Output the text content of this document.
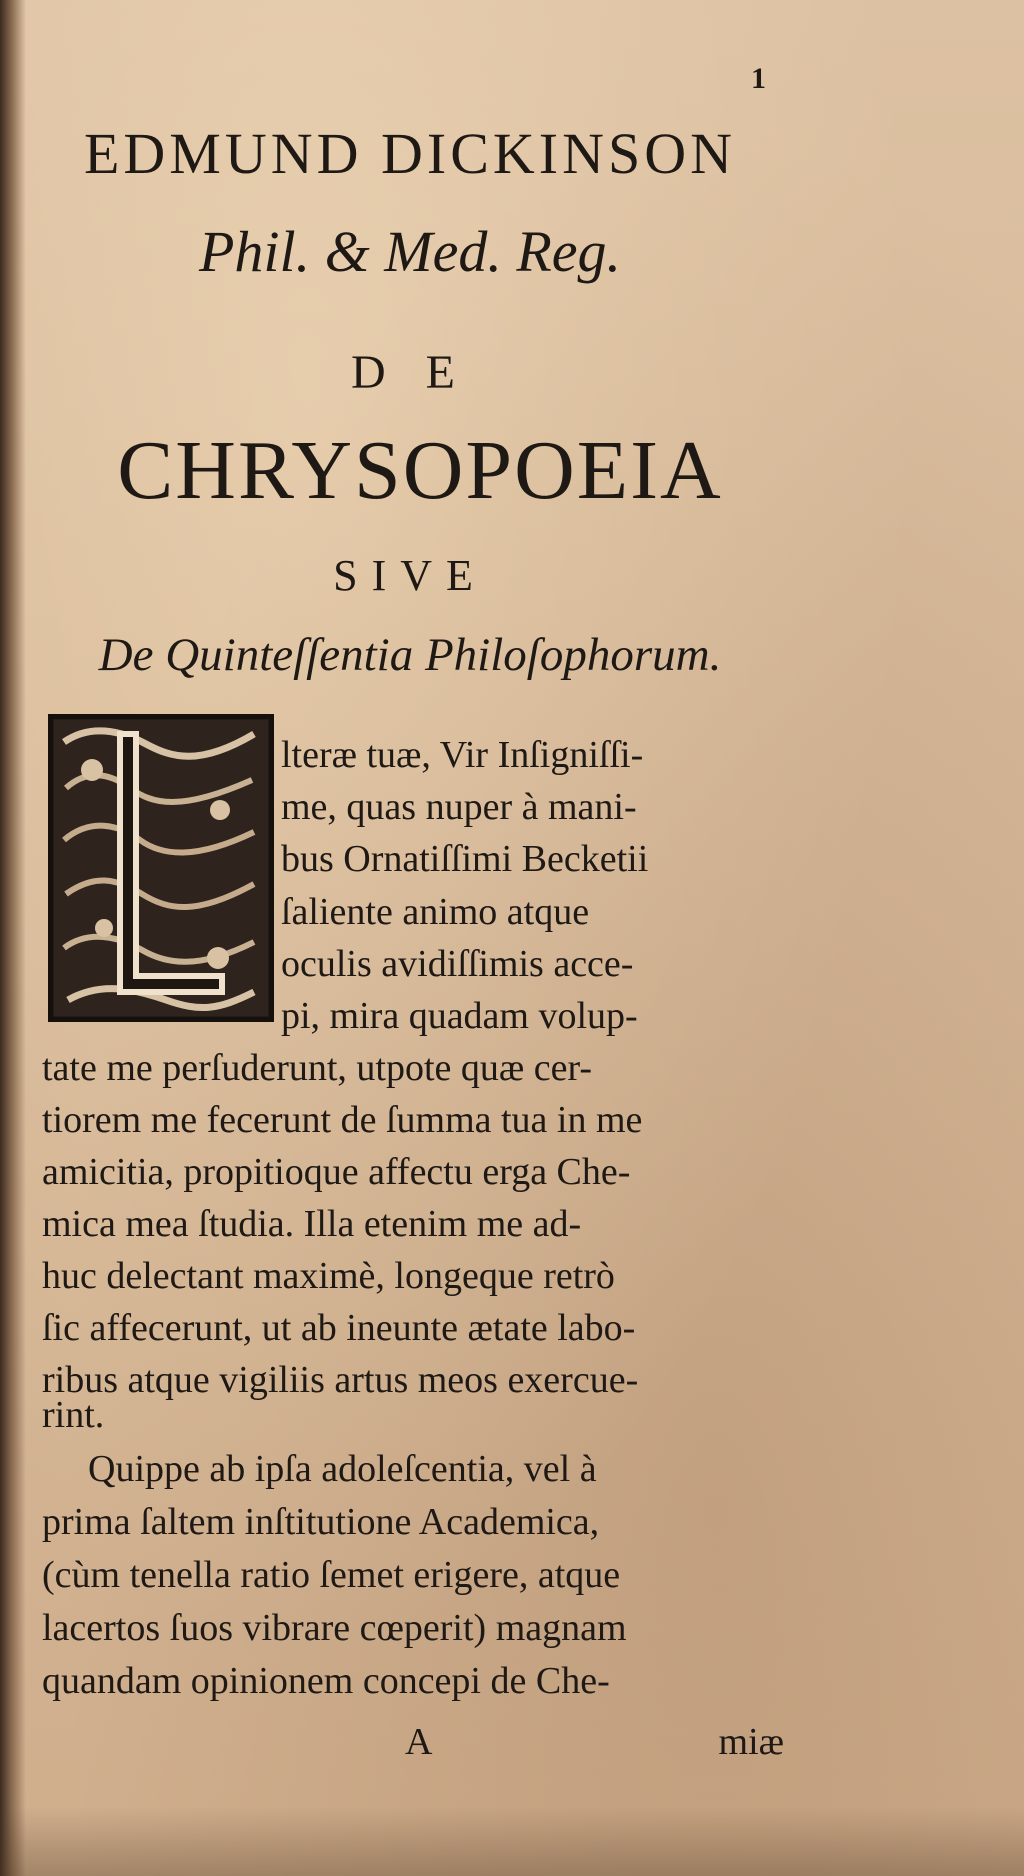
1
EDMUND DICKINSON
Phil. & Med. Reg.
D E
CHRYSOPOEIA
SIVE
De Quinteſſentia Philoſophorum.
lteræ tuæ, Vir Inſigniſſi-
me, quas nuper à mani-
bus Ornatiſſimi Becketii
ſaliente animo atque
oculis avidiſſimis acce-
pi, mira quadam volup-
tate me perſuderunt, utpote quæ cer-
tiorem me fecerunt de ſumma tua in me
amicitia, propitioque affectu erga Che-
mica mea ſtudia. Illa etenim me ad-
huc delectant maximè, longeque retrò
ſic affecerunt, ut ab ineunte ætate labo-
ribus atque vigiliis artus meos exercue-
rint.
Quippe ab ipſa adoleſcentia, vel à
prima ſaltem inſtitutione Academica,
(cùm tenella ratio ſemet erigere, atque
lacertos ſuos vibrare cœperit) magnam
quandam opinionem concepi de Che-
A	miæ
